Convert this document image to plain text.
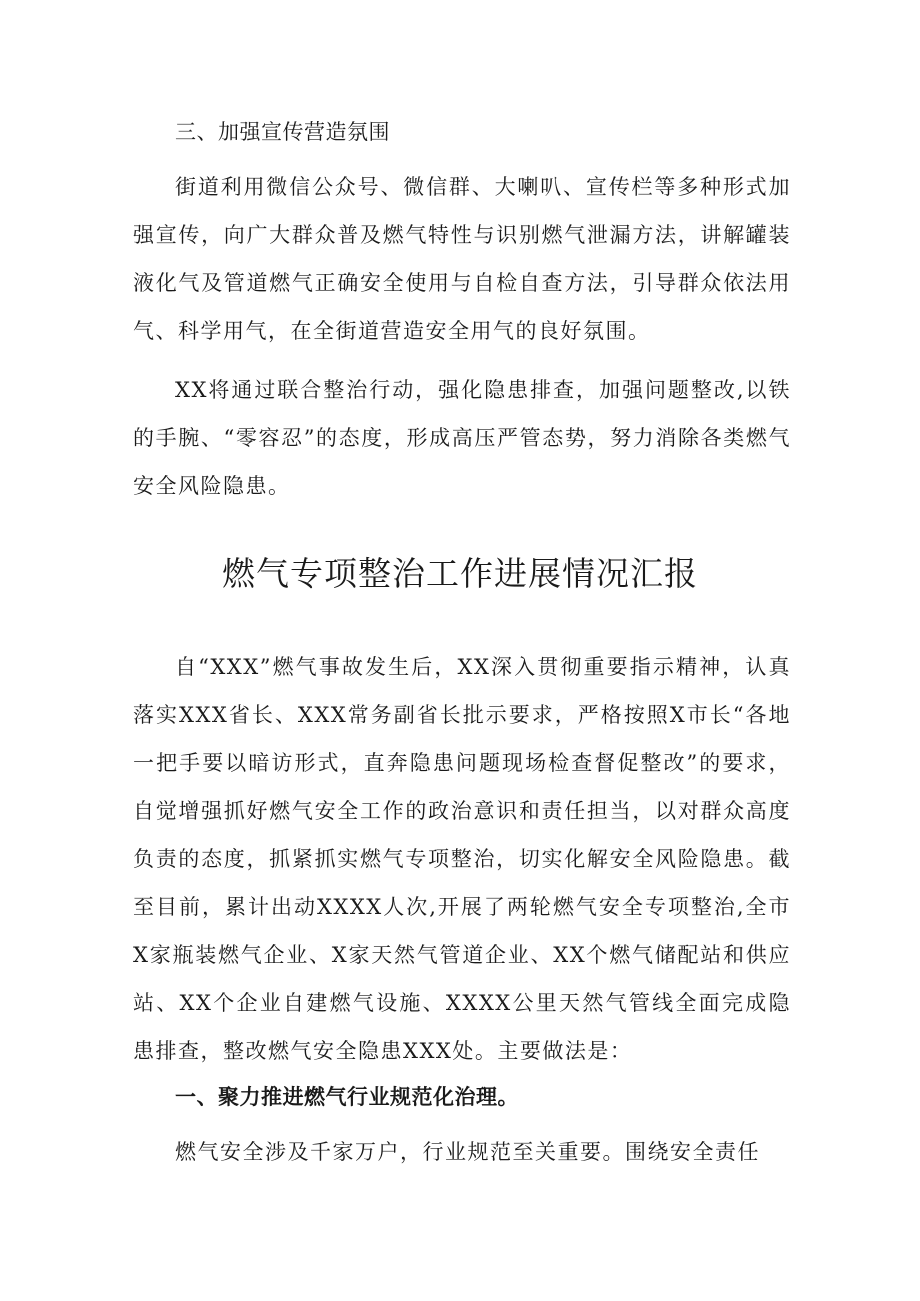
三、加强宣传营造氛围

街道利用微信公众号、微信群、大喇叭、宣传栏等多种形式加强宣传，向广大群众普及燃气特性与识别燃气泄漏方法，讲解罐装液化气及管道燃气正确安全使用与自检自查方法，引导群众依法用气、科学用气，在全街道营造安全用气的良好氛围。

XX将通过联合整治行动，强化隐患排查，加强问题整改,以铁的手腕、“零容忍”的态度，形成高压严管态势，努力消除各类燃气安全风险隐患。

燃气专项整治工作进展情况汇报

自“XXX”燃气事故发生后，XX深入贯彻重要指示精神，认真落实XXX省长、XXX常务副省长批示要求，严格按照X市长“各地一把手要以暗访形式，直奔隐患问题现场检查督促整改”的要求，自觉增强抓好燃气安全工作的政治意识和责任担当，以对群众高度负责的态度，抓紧抓实燃气专项整治，切实化解安全风险隐患。截至目前，累计出动XXXX人次,开展了两轮燃气安全专项整治,全市X家瓶装燃气企业、X家天然气管道企业、XX个燃气储配站和供应站、XX个企业自建燃气设施、XXXX公里天然气管线全面完成隐患排查，整改燃气安全隐患XXX处。主要做法是：

一、聚力推进燃气行业规范化治理。

燃气安全涉及千家万户，行业规范至关重要。围绕安全责任
